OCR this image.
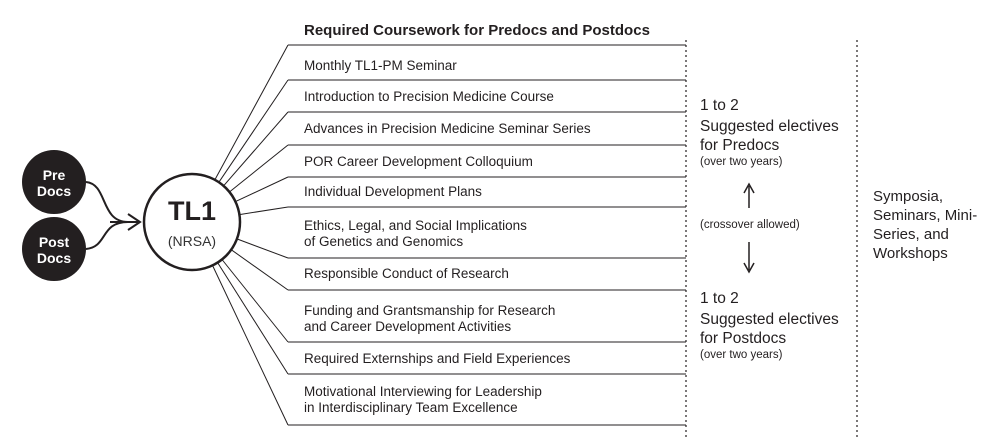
Pre
Docs
Post
Docs
TL1
(NRSA)
Required Coursework for Predocs and Postdocs
Monthly TL1-PM Seminar
Introduction to Precision Medicine Course
Advances in Precision Medicine Seminar Series
POR Career Development Colloquium
Individual Development Plans
Ethics, Legal, and Social Implications
of Genetics and Genomics
Responsible Conduct of Research
Funding and Grantsmanship for Research
and Career Development Activities
Required Externships and Field Experiences
Motivational Interviewing for Leadership
in Interdisciplinary Team Excellence
1 to 2
Suggested electives
for Predocs
(over two years)
(crossover allowed)
1 to 2
Suggested electives
for Postdocs
(over two years)
Symposia, Seminars, Mini-Series, and Workshops
